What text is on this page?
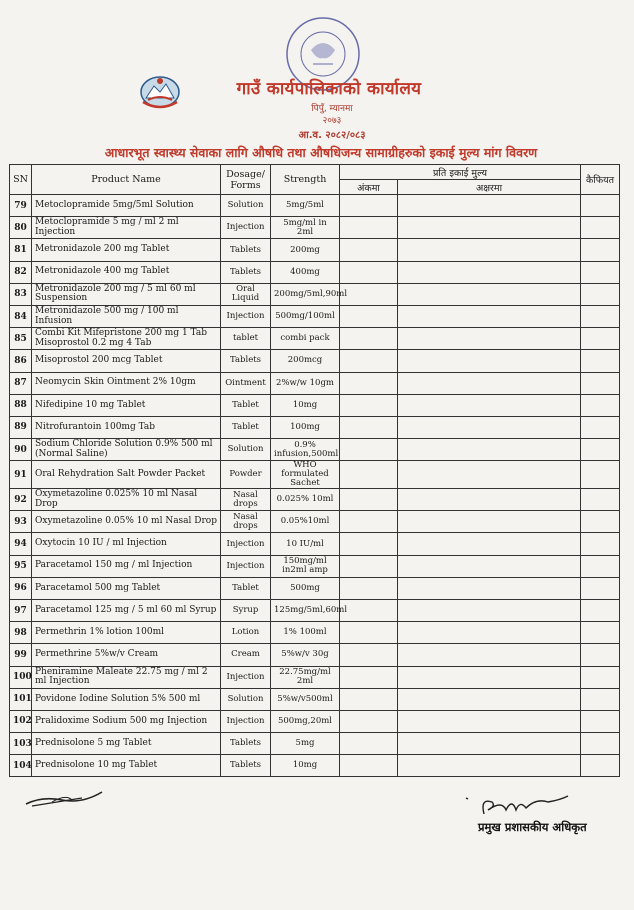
गाउँ कार्यपालिकाको कार्यालय
पिपुँ, म्यानमा
२०७३
आ.व. २०८२/०८३
आधारभूत स्वास्थ्य सेवाका लागि औषधि तथा औषधिजन्य सामाग्रीहरुको इकाई मुल्य मांग विवरण
SN	Product Name	Dosage/
Forms	Strength	प्रति इकाई मुल्य		कैफियत
				अंकमा	अक्षरमा	
79	Metoclopramide 5mg/5ml Solution	Solution	5mg/5ml			
80	Metoclopramide 5 mg / ml 2 ml Injection	Injection	5mg/ml in 2ml			
81	Metronidazole 200 mg Tablet	Tablets	200mg			
82	Metronidazole 400 mg Tablet	Tablets	400mg			
83	Metronidazole 200 mg / 5 ml 60 ml Suspension	Oral Liquid	200mg/5ml,90ml			
84	Metronidazole 500 mg / 100 ml Infusion	Injection	500mg/100ml			
85	Combi Kit Mifepristone 200 mg 1 Tab Misoprostol 0.2 mg 4 Tab	tablet	combi pack			
86	Misoprostol 200 mcg Tablet	Tablets	200mcg			
87	Neomycin Skin Ointment 2% 10gm	Ointment	2%w/w 10gm			
88	Nifedipine 10 mg Tablet	Tablet	10mg			
89	Nitrofurantoin 100mg Tab	Tablet	100mg			
90	Sodium Chloride Solution 0.9% 500 ml (Normal Saline)	Solution	0.9% infusion,500ml			
91	Oral Rehydration Salt Powder Packet	Powder	WHO formulated Sachet			
92	Oxymetazoline 0.025% 10 ml Nasal Drop	Nasal drops	0.025% 10ml			
93	Oxymetazoline 0.05% 10 ml Nasal Drop	Nasal drops	0.05%10ml			
94	Oxytocin 10 IU / ml Injection	Injection	10 IU/ml			
95	Paracetamol 150 mg / ml Injection	Injection	150mg/ml in2ml amp			
96	Paracetamol 500 mg Tablet	Tablet	500mg			
97	Paracetamol 125 mg / 5 ml 60 ml Syrup	Syrup	125mg/5ml,60ml			
98	Permethrin 1% lotion 100ml	Lotion	1% 100ml			
99	Permethrine 5%w/v Cream	Cream	5%w/v 30g			
100	Pheniramine Maleate 22.75 mg / ml 2 ml Injection	Injection	22.75mg/ml 2ml			
101	Povidone Iodine Solution 5% 500 ml	Solution	5%w/v500ml			
102	Pralidoxime Sodium 500 mg Injection	Injection	500mg,20ml			
103	Prednisolone 5 mg Tablet	Tablets	5mg			
104	Prednisolone 10 mg Tablet	Tablets	10mg			
प्रमुख प्रशासकीय अधिकृत
